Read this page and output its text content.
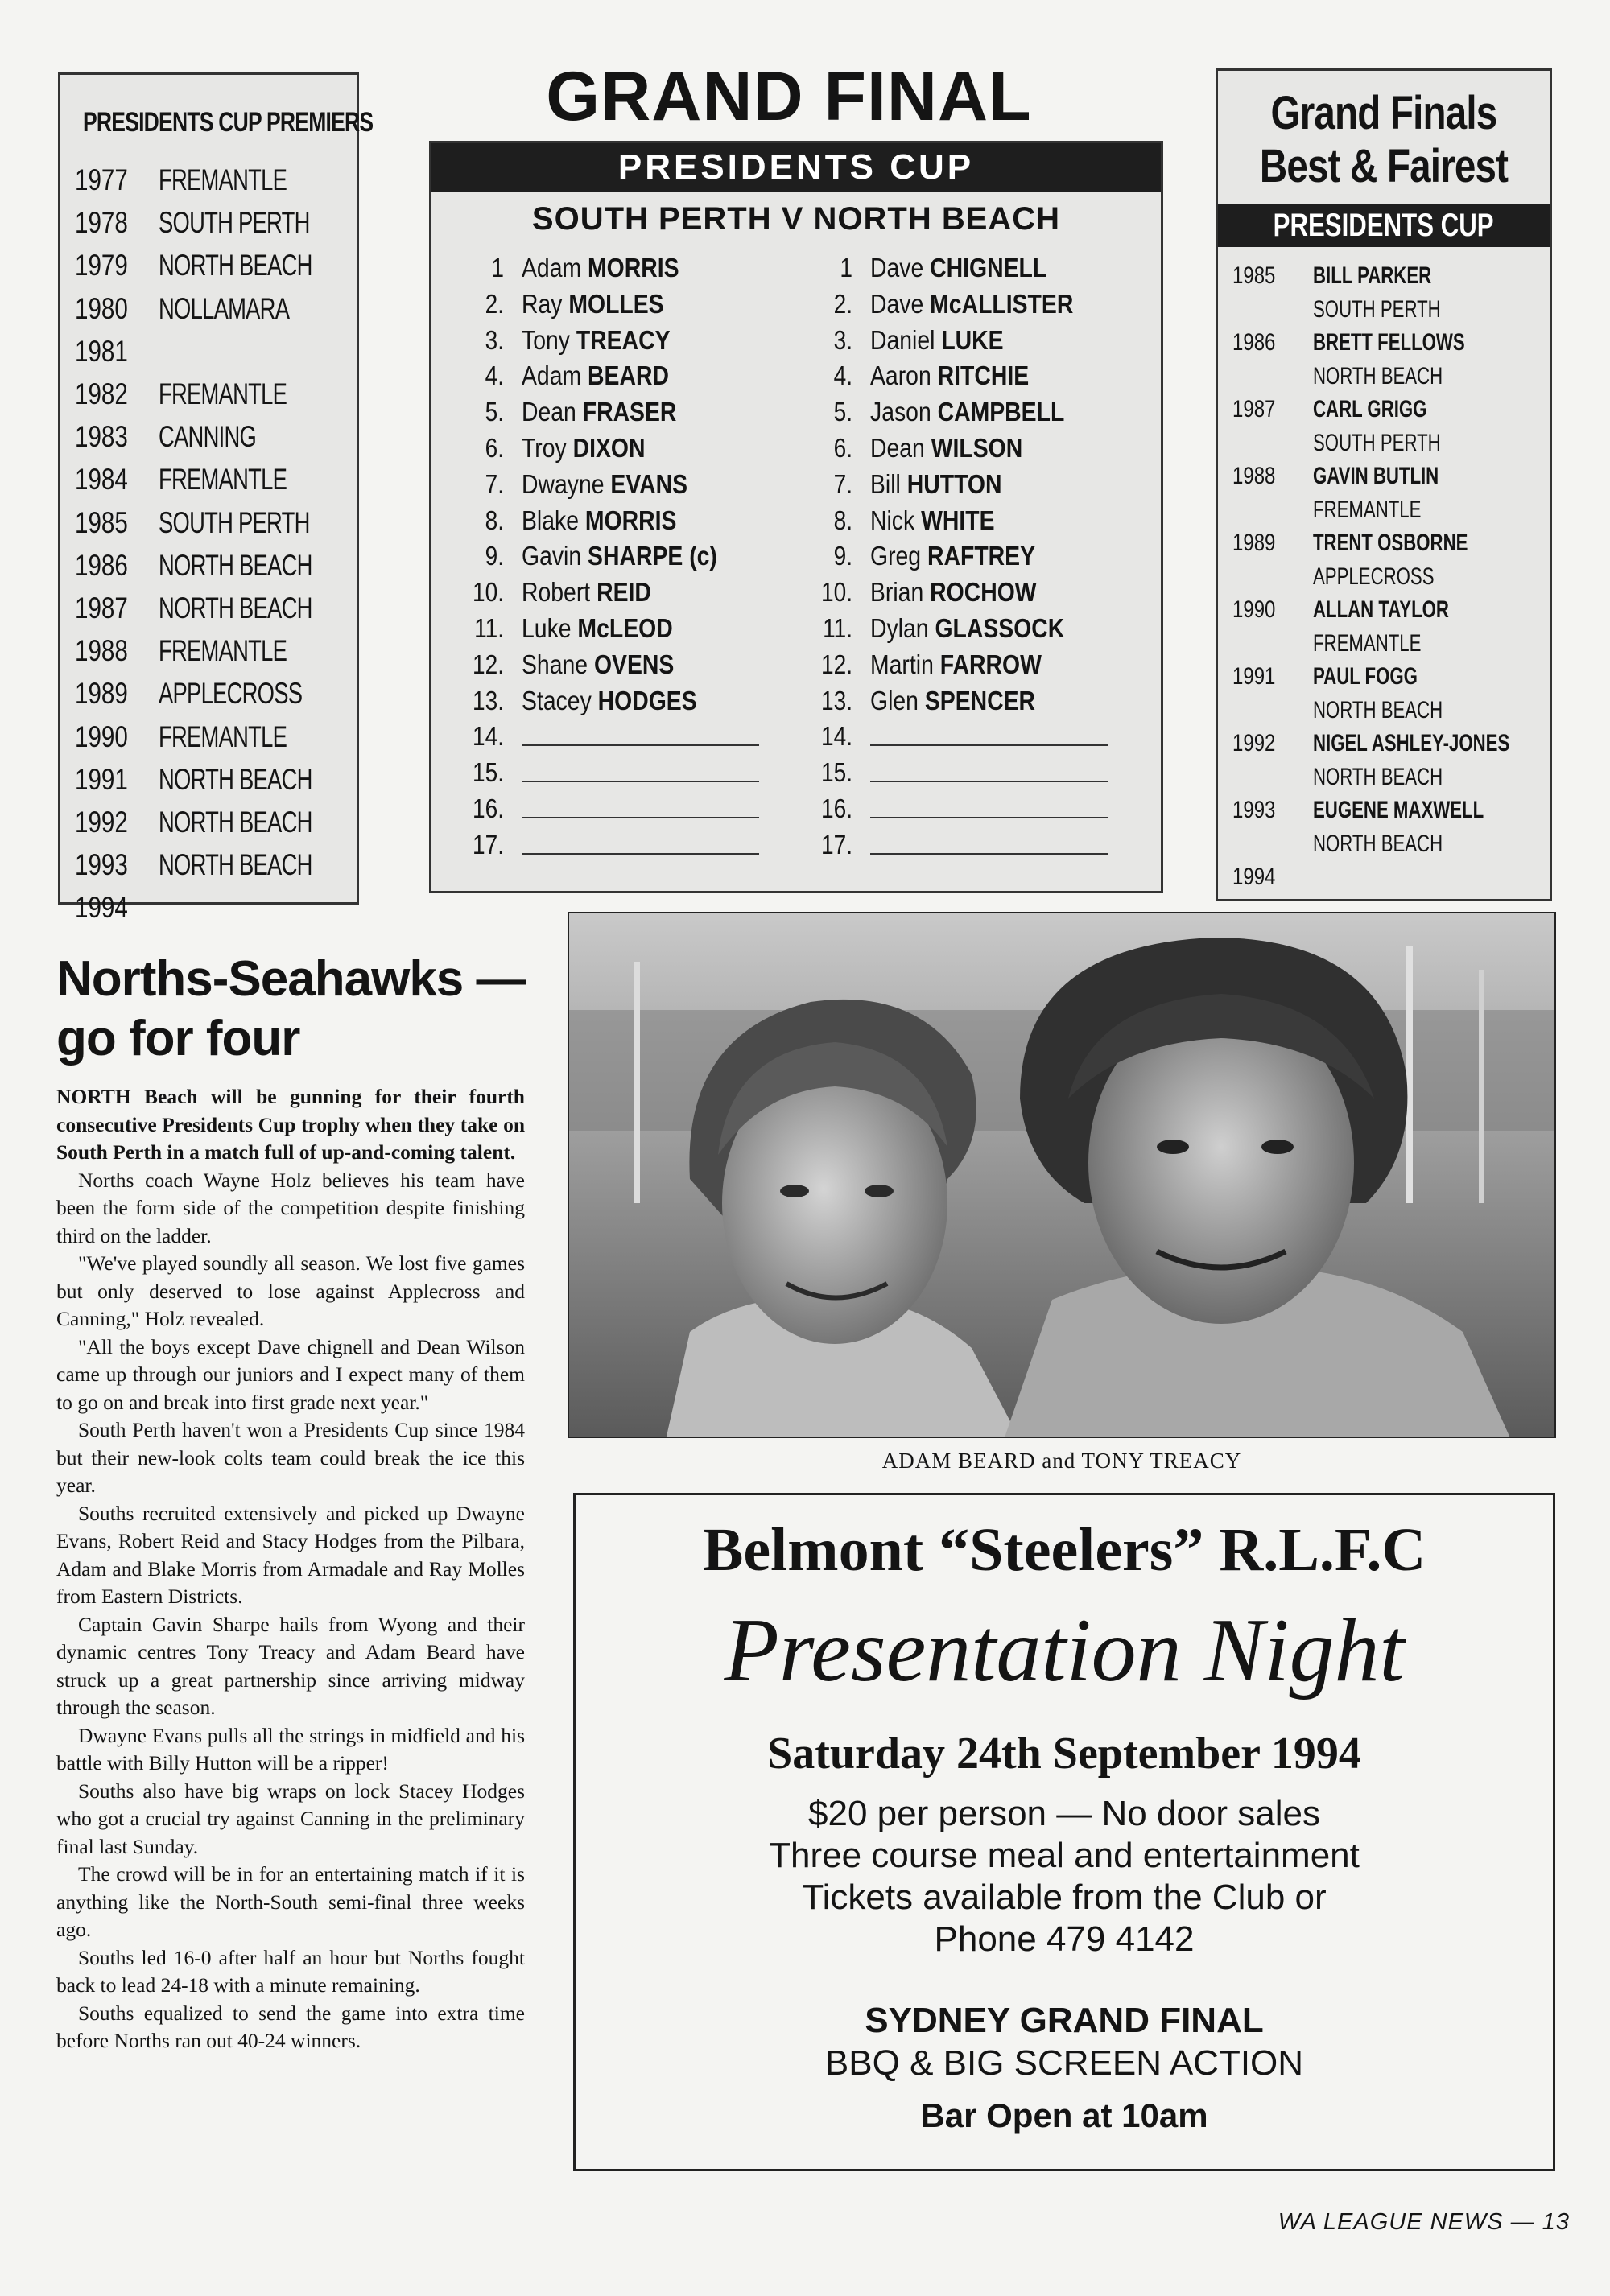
PRESIDENTS CUP PREMIERS
1977 FREMANTLE
1978 SOUTH PERTH
1979 NORTH BEACH
1980 NOLLAMARA
1981
1982 FREMANTLE
1983 CANNING
1984 FREMANTLE
1985 SOUTH PERTH
1986 NORTH BEACH
1987 NORTH BEACH
1988 FREMANTLE
1989 APPLECROSS
1990 FREMANTLE
1991 NORTH BEACH
1992 NORTH BEACH
1993 NORTH BEACH
1994
GRAND FINAL
PRESIDENTS CUP
SOUTH PERTH V NORTH BEACH
1 Adam MORRIS
2. Ray MOLLES
3. Tony TREACY
4. Adam BEARD
5. Dean FRASER
6. Troy DIXON
7. Dwayne EVANS
8. Blake MORRIS
9. Gavin SHARPE (c)
10. Robert REID
11. Luke McLEOD
12. Shane OVENS
13. Stacey HODGES
14.
15.
16.
17.
1 Dave CHIGNELL
2. Dave McALLISTER
3. Daniel LUKE
4. Aaron RITCHIE
5. Jason CAMPBELL
6. Dean WILSON
7. Bill HUTTON
8. Nick WHITE
9. Greg RAFTREY
10. Brian ROCHOW
11. Dylan GLASSOCK
12. Martin FARROW
13. Glen SPENCER
14.
15.
16.
17.
Grand Finals
Best & Fairest
PRESIDENTS CUP
1985 BILL PARKER
SOUTH PERTH
1986 BRETT FELLOWS
NORTH BEACH
1987 CARL GRIGG
SOUTH PERTH
1988 GAVIN BUTLIN
FREMANTLE
1989 TRENT OSBORNE
APPLECROSS
1990 ALLAN TAYLOR
FREMANTLE
1991 PAUL FOGG
NORTH BEACH
1992 NIGEL ASHLEY-JONES
NORTH BEACH
1993 EUGENE MAXWELL
NORTH BEACH
1994
ADAM BEARD and TONY TREACY
Norths-Seahawks —
go for four

NORTH Beach will be gunning for their fourth consecutive Presidents Cup trophy when they take on South Perth in a match full of up-and-coming talent.

Norths coach Wayne Holz believes his team have been the form side of the competition despite finishing third on the ladder.

"We've played soundly all season. We lost five games but only deserved to lose against Applecross and Canning," Holz revealed.

"All the boys except Dave chignell and Dean Wilson came up through our juniors and I expect many of them to go on and break into first grade next year."

South Perth haven't won a Presidents Cup since 1984 but their new-look colts team could break the ice this year.

Souths recruited extensively and picked up Dwayne Evans, Robert Reid and Stacy Hodges from the Pilbara, Adam and Blake Morris from Armadale and Ray Molles from Eastern Districts.

Captain Gavin Sharpe hails from Wyong and their dynamic centres Tony Treacy and Adam Beard have struck up a great partnership since arriving midway through the season.

Dwayne Evans pulls all the strings in midfield and his battle with Billy Hutton will be a ripper!

Souths also have big wraps on lock Stacey Hodges who got a crucial try against Canning in the preliminary final last Sunday.

The crowd will be in for an entertaining match if it is anything like the North-South semi-final three weeks ago.

Souths led 16-0 after half an hour but Norths fought back to lead 24-18 with a minute remaining.

Souths equalized to send the game into extra time before Norths ran out 40-24 winners.

Belmont “Steelers” R.L.F.C
Presentation Night
Saturday 24th September 1994
$20 per person — No door sales
Three course meal and entertainment
Tickets available from the Club or
Phone 479 4142
SYDNEY GRAND FINAL
BBQ & BIG SCREEN ACTION
Bar Open at 10am
WA LEAGUE NEWS — 13
